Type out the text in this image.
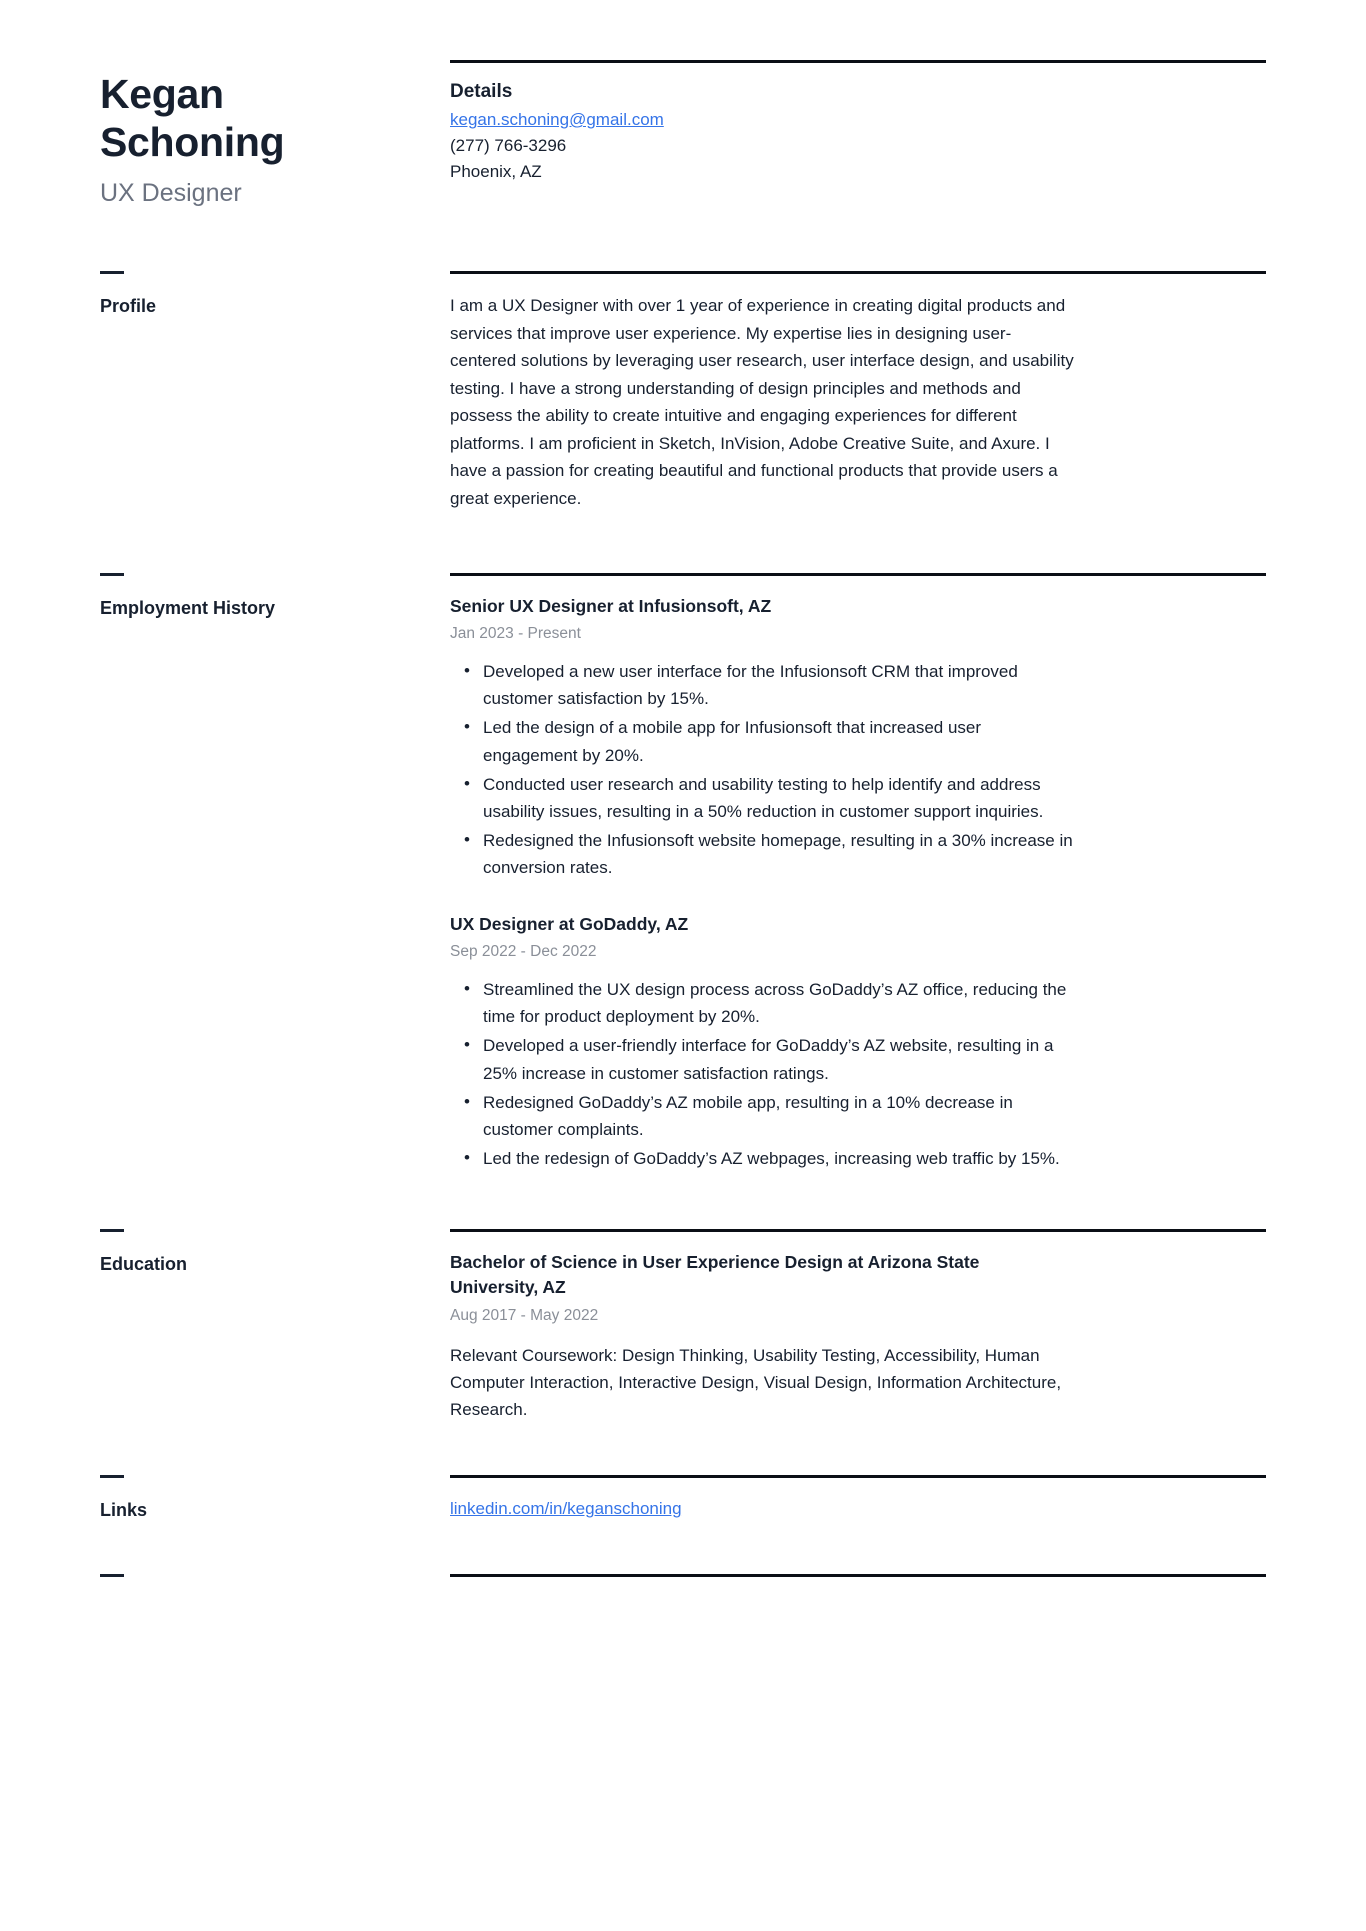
Kegan
Schoning
UX Designer
Details
kegan.schoning@gmail.com
(277) 766-3296
Phoenix, AZ
Profile	I am a UX Designer with over 1 year of experience in creating digital products and services that improve user experience. My expertise lies in designing user-centered solutions by leveraging user research, user interface design, and usability testing. I have a strong understanding of design principles and methods and possess the ability to create intuitive and engaging experiences for different platforms. I am proficient in Sketch, InVision, Adobe Creative Suite, and Axure. I have a passion for creating beautiful and functional products that provide users a great experience.
Employment History	Senior UX Designer at Infusionsoft, AZ
Jan 2023 - Present
• Developed a new user interface for the Infusionsoft CRM that improved customer satisfaction by 15%.
• Led the design of a mobile app for Infusionsoft that increased user engagement by 20%.
• Conducted user research and usability testing to help identify and address usability issues, resulting in a 50% reduction in customer support inquiries.
• Redesigned the Infusionsoft website homepage, resulting in a 30% increase in conversion rates.
UX Designer at GoDaddy, AZ
Sep 2022 - Dec 2022
• Streamlined the UX design process across GoDaddy’s AZ office, reducing the time for product deployment by 20%.
• Developed a user-friendly interface for GoDaddy’s AZ website, resulting in a 25% increase in customer satisfaction ratings.
• Redesigned GoDaddy’s AZ mobile app, resulting in a 10% decrease in customer complaints.
• Led the redesign of GoDaddy’s AZ webpages, increasing web traffic by 15%.
Education	Bachelor of Science in User Experience Design at Arizona State University, AZ
Aug 2017 - May 2022
Relevant Coursework: Design Thinking, Usability Testing, Accessibility, Human Computer Interaction, Interactive Design, Visual Design, Information Architecture, Research.
Links	linkedin.com/in/keganschoning
